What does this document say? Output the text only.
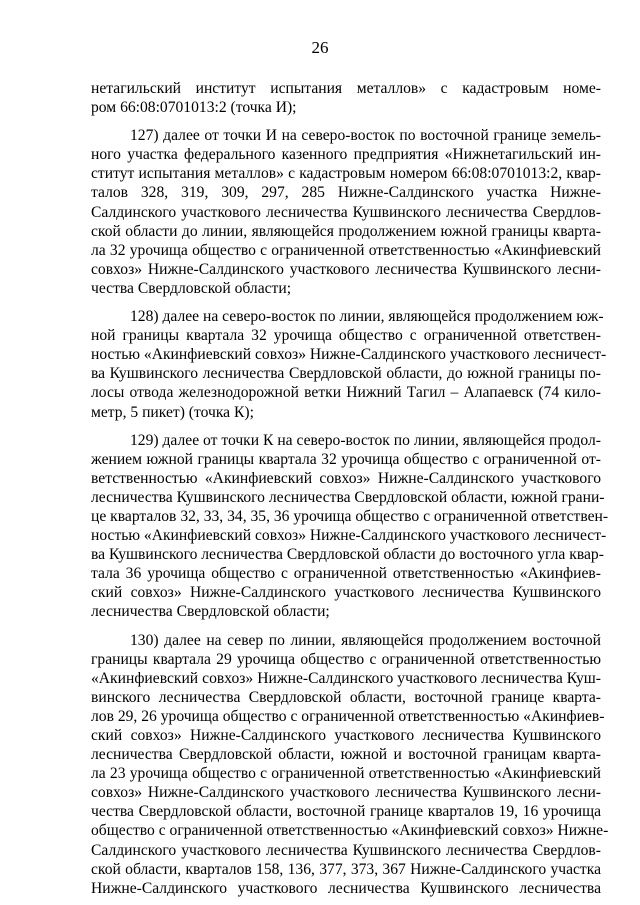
26
нетагильский институт испытания металлов» с кадастровым номе-
ром 66:08:0701013:2 (точка И);
127) далее от точки И на северо-восток по восточной границе земель-
ного участка федерального казенного предприятия «Нижнетагильский ин-
ститут испытания металлов» с кадастровым номером 66:08:0701013:2, квар-
талов 328, 319, 309, 297, 285 Нижне-Салдинского участка Нижне-
Салдинского участкового лесничества Кушвинского лесничества Свердлов-
ской области до линии, являющейся продолжением южной границы кварта-
ла 32 урочища общество с ограниченной ответственностью «Акинфиевский
совхоз» Нижне-Салдинского участкового лесничества Кушвинского лесни-
чества Свердловской области;
128) далее на северо-восток по линии, являющейся продолжением юж-
ной границы квартала 32 урочища общество с ограниченной ответствен-
ностью «Акинфиевский совхоз» Нижне-Салдинского участкового лесничест-
ва Кушвинского лесничества Свердловской области, до южной границы по-
лосы отвода железнодорожной ветки Нижний Тагил – Алапаевск (74 кило-
метр, 5 пикет) (точка К);
129) далее от точки К на северо-восток по линии, являющейся продол-
жением южной границы квартала 32 урочища общество с ограниченной от-
ветственностью «Акинфиевский совхоз» Нижне-Салдинского участкового
лесничества Кушвинского лесничества Свердловской области, южной грани-
це кварталов 32, 33, 34, 35, 36 урочища общество с ограниченной ответствен-
ностью «Акинфиевский совхоз» Нижне-Салдинского участкового лесничест-
ва Кушвинского лесничества Свердловской области до восточного угла квар-
тала 36 урочища общество с ограниченной ответственностью «Акинфиев-
ский совхоз» Нижне-Салдинского участкового лесничества Кушвинского
лесничества Свердловской области;
130) далее на север по линии, являющейся продолжением восточной
границы квартала 29 урочища общество с ограниченной ответственностью
«Акинфиевский совхоз» Нижне-Салдинского участкового лесничества Куш-
винского лесничества Свердловской области, восточной границе кварта-
лов 29, 26 урочища общество с ограниченной ответственностью «Акинфиев-
ский совхоз» Нижне-Салдинского участкового лесничества Кушвинского
лесничества Свердловской области, южной и восточной границам кварта-
ла 23 урочища общество с ограниченной ответственностью «Акинфиевский
совхоз» Нижне-Салдинского участкового лесничества Кушвинского лесни-
чества Свердловской области, восточной границе кварталов 19, 16 урочища
общество с ограниченной ответственностью «Акинфиевский совхоз» Нижне-
Салдинского участкового лесничества Кушвинского лесничества Свердлов-
ской области, кварталов 158, 136, 377, 373, 367 Нижне-Салдинского участка
Нижне-Салдинского участкового лесничества Кушвинского лесничества
